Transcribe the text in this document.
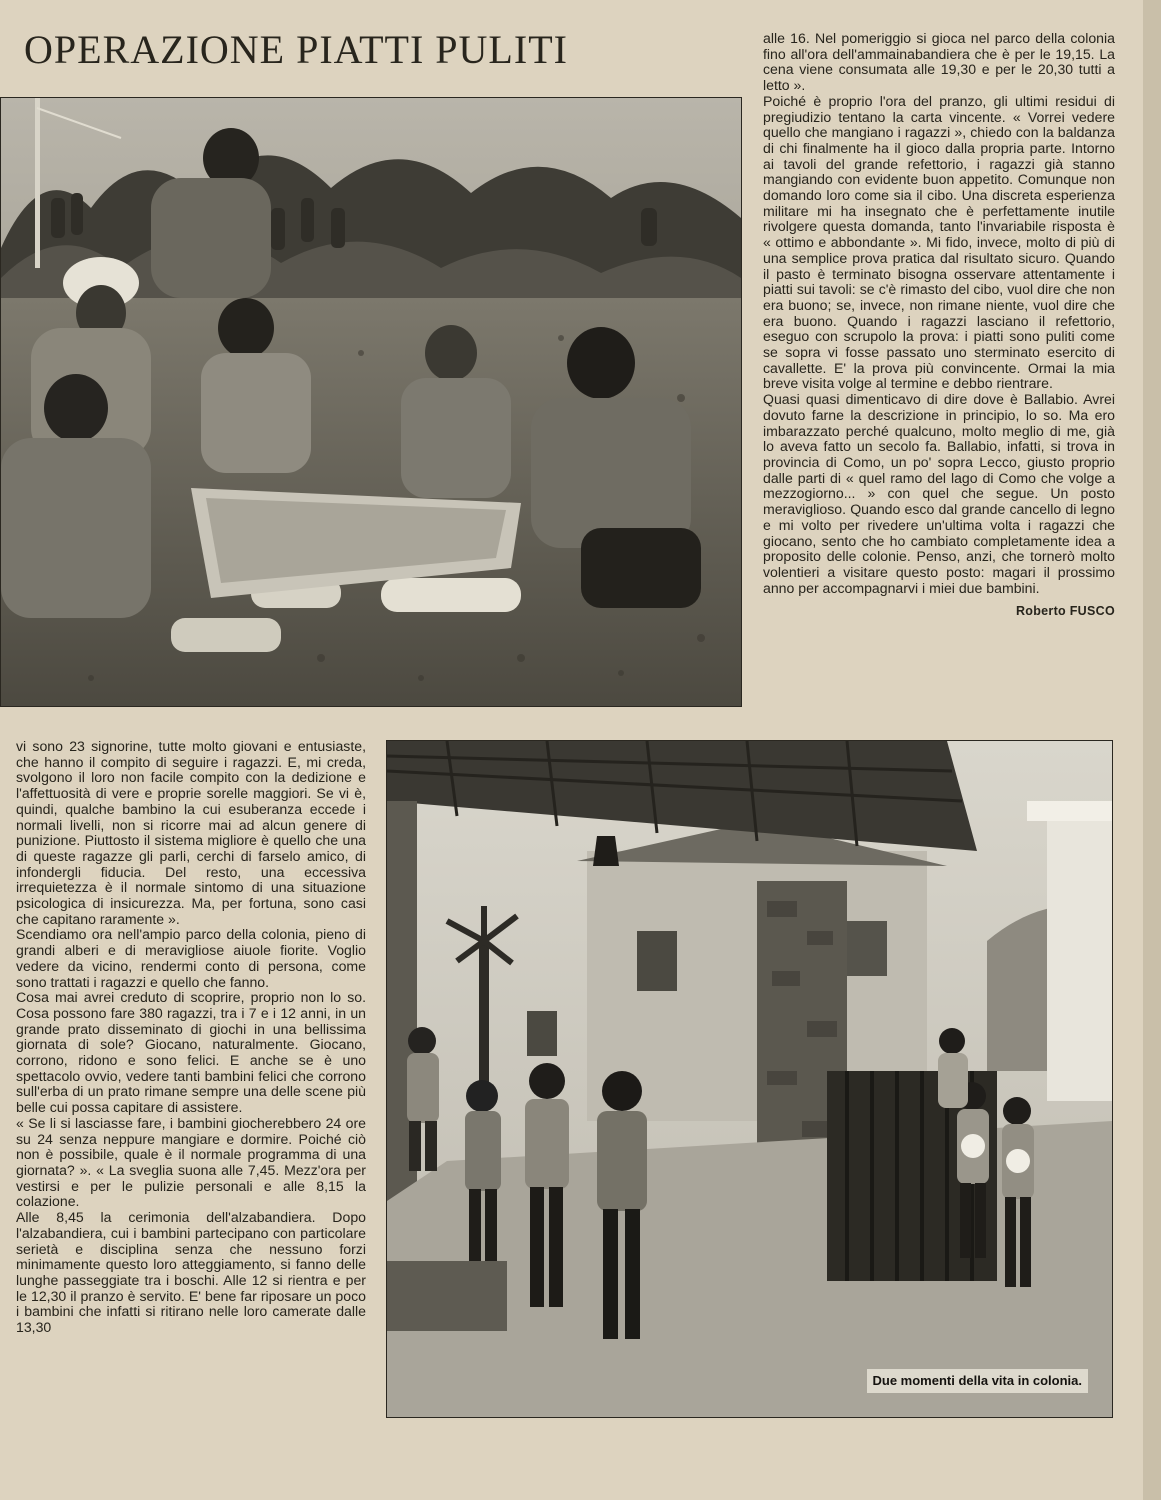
OPERAZIONE PIATTI PULITI	alle 16. Nel pomeriggio si gioca nel parco della colonia fino all'ora dell'ammainabandiera che è per le 19,15. La cena viene consumata alle 19,30 e per le 20,30 tutti a letto ».

Poiché è proprio l'ora del pranzo, gli ultimi residui di pregiudizio tentano la carta vincente. « Vorrei vedere quello che mangiano i ragazzi », chiedo con la baldanza di chi finalmente ha il gioco dalla propria parte. Intorno ai tavoli del grande refettorio, i ragazzi già stanno mangiando con evidente buon appetito. Comunque non domando loro come sia il cibo. Una discreta esperienza militare mi ha insegnato che è perfettamente inutile rivolgere questa domanda, tanto l'invariabile risposta è « ottimo e abbondante ». Mi fido, invece, molto di più di una semplice prova pratica dal risultato sicuro. Quando il pasto è terminato bisogna osservare attentamente i piatti sui tavoli: se c'è rimasto del cibo, vuol dire che non era buono; se, invece, non rimane niente, vuol dire che era buono. Quando i ragazzi lasciano il refettorio, eseguo con scrupolo la prova: i piatti sono puliti come se sopra vi fosse passato uno sterminato esercito di cavallette. E' la prova più convincente. Ormai la mia breve visita volge al termine e debbo rientrare.

Quasi quasi dimenticavo di dire dove è Ballabio. Avrei dovuto farne la descrizione in principio, lo so. Ma ero imbarazzato perché qualcuno, molto meglio di me, già lo aveva fatto un secolo fa. Ballabio, infatti, si trova in provincia di Como, un po' sopra Lecco, giusto proprio dalle parti di « quel ramo del lago di Como che volge a mezzogiorno... » con quel che segue. Un posto meraviglioso. Quando esco dal grande cancello di legno e mi volto per rivedere un'ultima volta i ragazzi che giocano, sento che ho cambiato completamente idea a proposito delle colonie. Penso, anzi, che tornerò molto volentieri a visitare questo posto: magari il prossimo anno per accompagnarvi i miei due bambini.

Roberto FUSCO

vi sono 23 signorine, tutte molto giovani e entusiaste, che hanno il compito di seguire i ragazzi. E, mi creda, svolgono il loro non facile compito con la dedizione e l'affettuosità di vere e proprie sorelle maggiori. Se vi è, quindi, qualche bambino la cui esuberanza eccede i normali livelli, non si ricorre mai ad alcun genere di punizione. Piuttosto il sistema migliore è quello che una di queste ragazze gli parli, cerchi di farselo amico, di infondergli fiducia. Del resto, una eccessiva irrequietezza è il normale sintomo di una situazione psicologica di insicurezza. Ma, per fortuna, sono casi che capitano raramente ».

Scendiamo ora nell'ampio parco della colonia, pieno di grandi alberi e di meravigliose aiuole fiorite. Voglio vedere da vicino, rendermi conto di persona, come sono trattati i ragazzi e quello che fanno.

Cosa mai avrei creduto di scoprire, proprio non lo so. Cosa possono fare 380 ragazzi, tra i 7 e i 12 anni, in un grande prato disseminato di giochi in una bellissima giornata di sole? Giocano, naturalmente. Giocano, corrono, ridono e sono felici. E anche se è uno spettacolo ovvio, vedere tanti bambini felici che corrono sull'erba di un prato rimane sempre una delle scene più belle cui possa capitare di assistere.

« Se li si lasciasse fare, i bambini giocherebbero 24 ore su 24 senza neppure mangiare e dormire. Poiché ciò non è possibile, quale è il normale programma di una giornata? ». « La sveglia suona alle 7,45. Mezz'ora per vestirsi e per le pulizie personali e alle 8,15 la colazione.

Alle 8,45 la cerimonia dell'alzabandiera. Dopo l'alzabandiera, cui i bambini partecipano con particolare serietà e disciplina senza che nessuno forzi minimamente questo loro atteggiamento, si fanno delle lunghe passeggiate tra i boschi. Alle 12 si rientra e per le 12,30 il pranzo è servito. E' bene far riposare un poco i bambini che infatti si ritirano nelle loro camerate dalle 13,30

Due momenti della vita in colonia.
